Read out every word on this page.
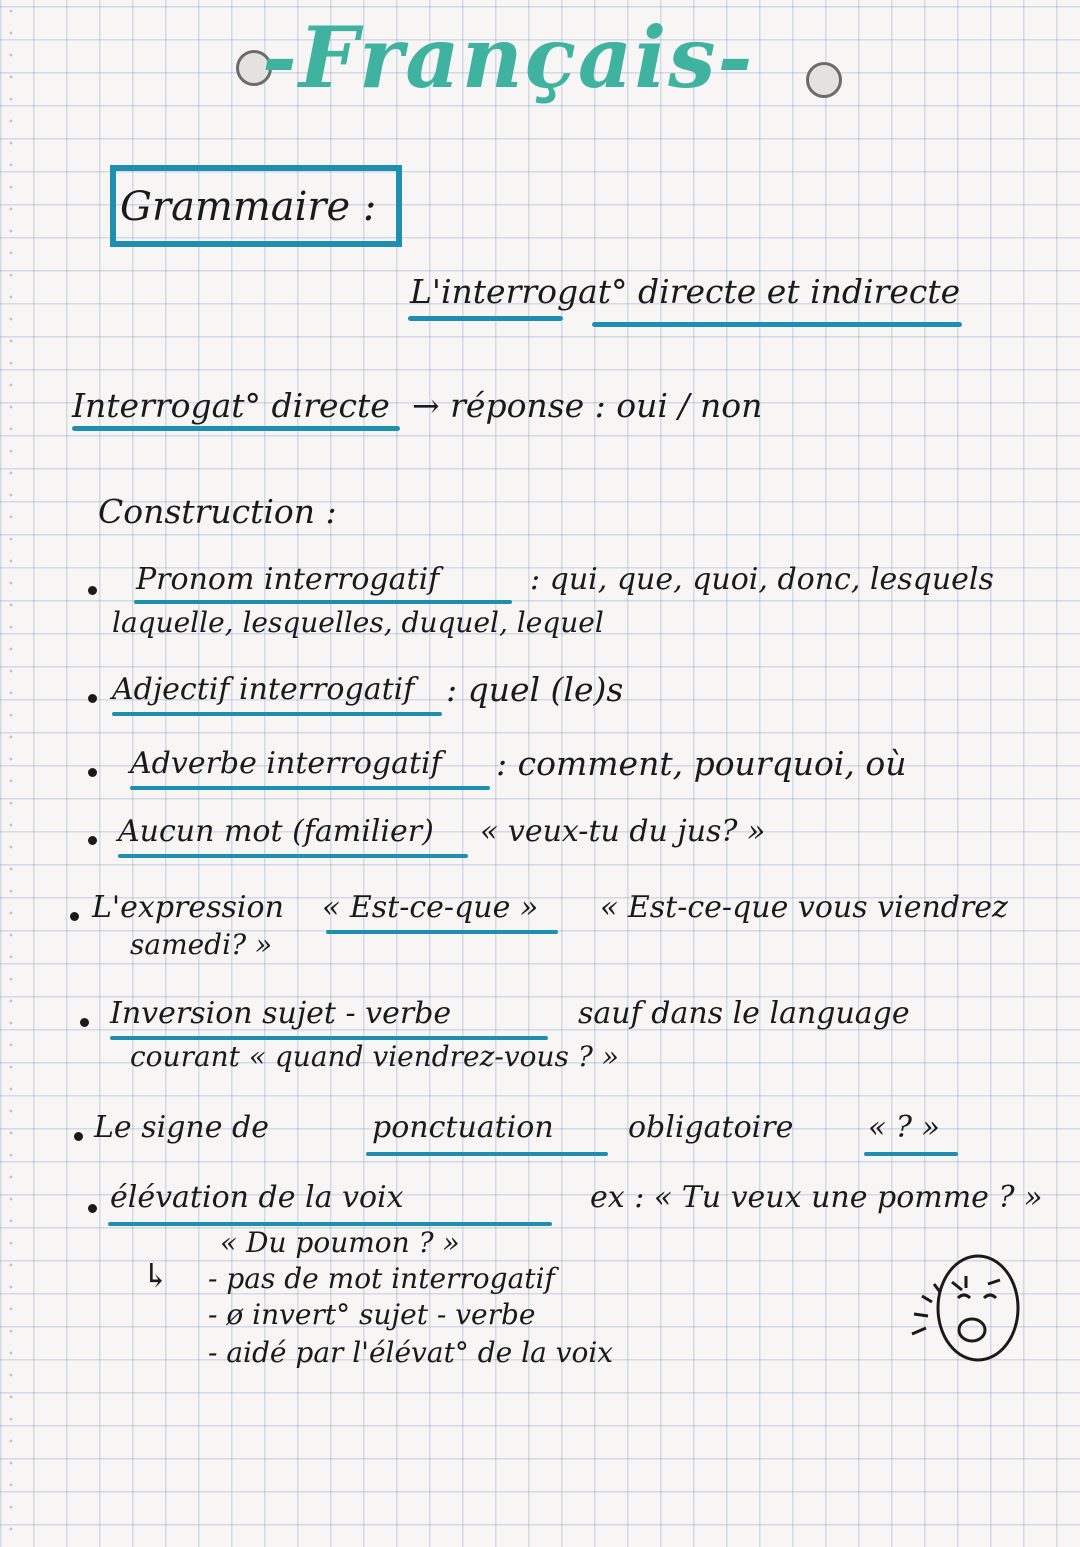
-Français-
Grammaire :
L'interrogat° directe et indirecte
Interrogat° directe → réponse : oui / non
Construction :
Pronom interrogatif	: qui, que, quoi, donc, lesquels
laquelle, lesquelles, duquel, lequel
Adjectif interrogatif : quel (le)s
Adverbe interrogatif : comment, pourquoi, où
Aucun mot (familier) « veux-tu du jus? »
L'expression « Est-ce-que » « Est-ce-que vous viendrez
samedi? »
Inversion sujet - verbe	sauf dans le language
courant « quand viendrez-vous ? »
Le signe de	ponctuation obligatoire « ? »
élévation de la voix	ex : « Tu veux une pomme ? »
« Du poumon ? »
↳ - pas de mot interrogatif
- ø invert° sujet - verbe
- aidé par l'élévat° de la voix
